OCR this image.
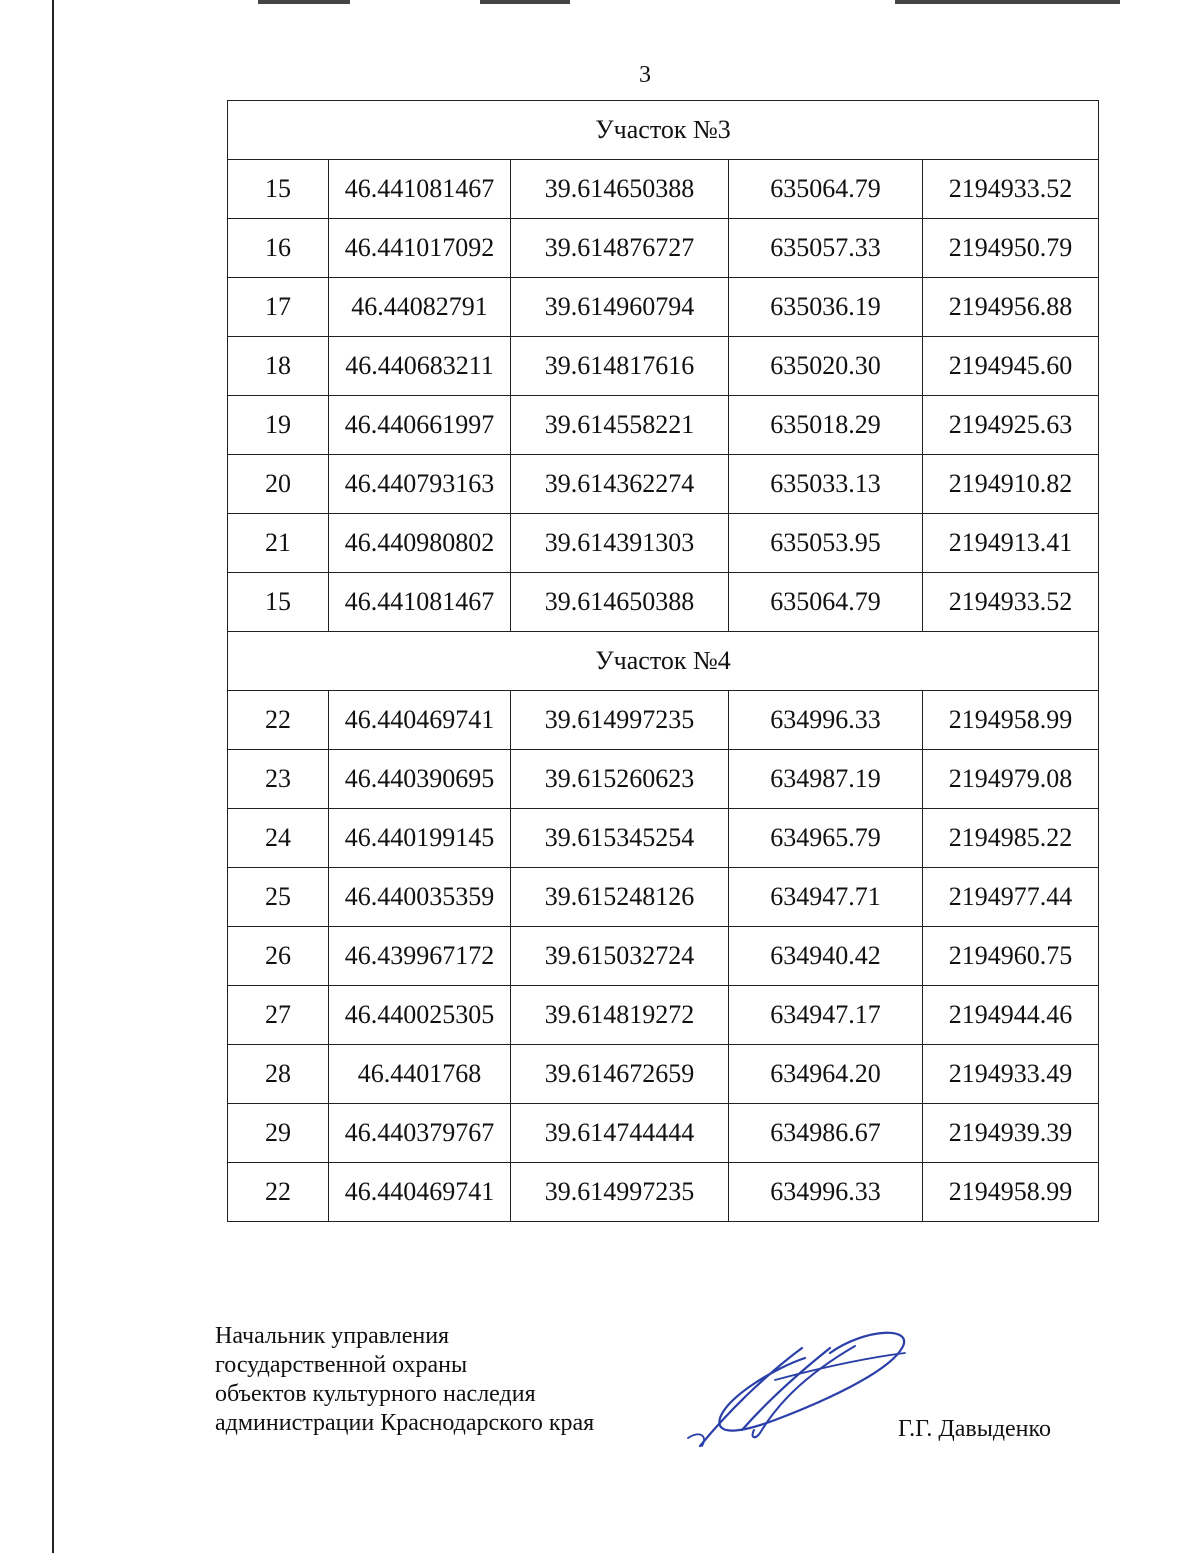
3
Участок №3				
15	46.441081467	39.614650388	635064.79	2194933.52
16	46.441017092	39.614876727	635057.33	2194950.79
17	46.44082791	39.614960794	635036.19	2194956.88
18	46.440683211	39.614817616	635020.30	2194945.60
19	46.440661997	39.614558221	635018.29	2194925.63
20	46.440793163	39.614362274	635033.13	2194910.82
21	46.440980802	39.614391303	635053.95	2194913.41
15	46.441081467	39.614650388	635064.79	2194933.52
Участок №4				
22	46.440469741	39.614997235	634996.33	2194958.99
23	46.440390695	39.615260623	634987.19	2194979.08
24	46.440199145	39.615345254	634965.79	2194985.22
25	46.440035359	39.615248126	634947.71	2194977.44
26	46.439967172	39.615032724	634940.42	2194960.75
27	46.440025305	39.614819272	634947.17	2194944.46
28	46.4401768	39.614672659	634964.20	2194933.49
29	46.440379767	39.614744444	634986.67	2194939.39
22	46.440469741	39.614997235	634996.33	2194958.99
Начальник управления
государственной охраны
объектов культурного наследия
администрации Краснодарского края	Г.Г. Давыденко
